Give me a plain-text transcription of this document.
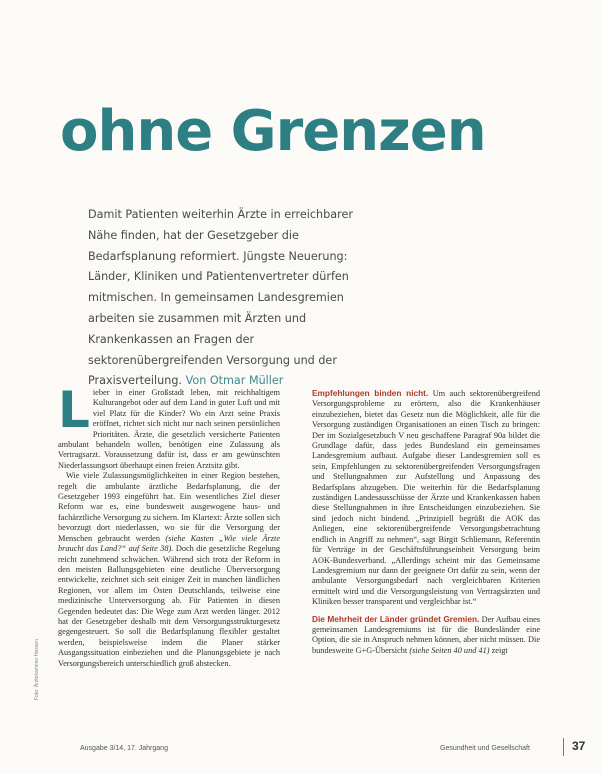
ohne Grenzen

Damit Patienten weiterhin Ärzte in erreichbarer Nähe finden, hat der Gesetzgeber die Bedarfsplanung reformiert. Jüngste Neuerung: Länder, Kliniken und Patientenvertreter dürfen mitmischen. In gemeinsamen Landesgremien arbeiten sie zusammen mit Ärzten und Krankenkassen an Fragen der sektorenübergreifenden Versorgung und der Praxisverteilung. Von Otmar Müller

Lieber in einer Großstadt leben, mit reichhaltigem Kulturangebot oder auf dem Land in guter Luft und mit viel Platz für die Kinder? Wo ein Arzt seine Praxis eröffnet, richtet sich nicht nur nach seinen persönlichen Prioritäten. Ärzte, die gesetzlich versicherte Patienten ambulant behandeln wollen, benötigen eine Zulassung als Vertragsarzt. Voraussetzung dafür ist, dass er am gewünschten Niederlassungsort überhaupt einen freien Arztsitz gibt.

Wie viele Zulassungsmöglichkeiten in einer Region bestehen, regelt die ambulante ärztliche Bedarfsplanung, die der Gesetzgeber 1993 eingeführt hat. Ein wesentliches Ziel dieser Reform war es, eine bundesweit ausgewogene haus- und fachärztliche Versorgung zu sichern. Im Klartext: Ärzte sollen sich bevorzugt dort niederlassen, wo sie für die Versorgung der Menschen gebraucht werden (siehe Kasten „Wie viele Ärzte braucht das Land?“ auf Seite 38). Doch die gesetzliche Regelung reicht zunehmend schwächen. Während sich trotz der Reform in den meisten Ballungsgebieten eine deutliche Überversorgung entwickelte, zeichnet sich seit einiger Zeit in manchen ländlichen Regionen, vor allem im Osten Deutschlands, teilweise eine medizinische Unterversorgung ab. Für Patienten in diesen Gegenden bedeutet das: Die Wege zum Arzt werden länger. 2012 hat der Gesetzgeber deshalb mit dem Versorgungsstrukturgesetz gegengesteuert. So soll die Bedarfsplanung flexibler gestaltet werden, beispielsweise indem die Planer stärker Ausgangssituation einbeziehen und die Planungsgebiete je nach Versorgungsbereich unterschiedlich groß abstecken.

Empfehlungen binden nicht. Um auch sektorenübergreifend Versorgungsprobleme zu erörtern, also die Krankenhäuser einzubeziehen, bietet das Gesetz nun die Möglichkeit, alle für die Versorgung zuständigen Organisationen an einen Tisch zu bringen: Der im Sozialgesetzbuch V neu geschaffene Paragraf 90a bildet die Grundlage dafür, dass jedes Bundesland ein gemeinsames Landesgremium aufbaut. Aufgabe dieser Landesgremien soll es sein, Empfehlungen zu sektorenübergreifenden Versorgungsfragen und Stellungnahmen zur Aufstellung und Anpassung des Bedarfsplans abzugeben. Die weiterhin für die Bedarfsplanung zuständigen Landesausschüsse der Ärzte und Krankenkassen haben diese Stellungnahmen in ihre Entscheidungen einzubeziehen. Sie sind jedoch nicht bindend. „Prinzipiell begrüßt die AOK das Anliegen, eine sektorenübergreifende Versorgungsbetrachtung endlich in Angriff zu nehmen“, sagt Birgit Schliemann, Referentin für Verträge in der Geschäftsführungseinheit Versorgung beim AOK-Bundesverband. „Allerdings scheint mir das Gemeinsame Landesgremium nur dann der geeignete Ort dafür zu sein, wenn der ambulante Versorgungsbedarf nach vergleichbaren Kriterien ermittelt wird und die Versorgungsleistung von Vertragsärzten und Kliniken besser transparent und vergleichbar ist.“

Die Mehrheit der Länder gründet Gremien. Der Aufbau eines gemeinsamen Landesgremiums ist für die Bundesländer eine Option, die sie in Anspruch nehmen können, aber nicht müssen. Die bundesweite G+G-Übersicht (siehe Seiten 40 und 41) zeigt

Foto: Ärztekammer Hessen
Ausgabe 3/14, 17. Jahrgang	Gesundheit und Gesellschaft	37
